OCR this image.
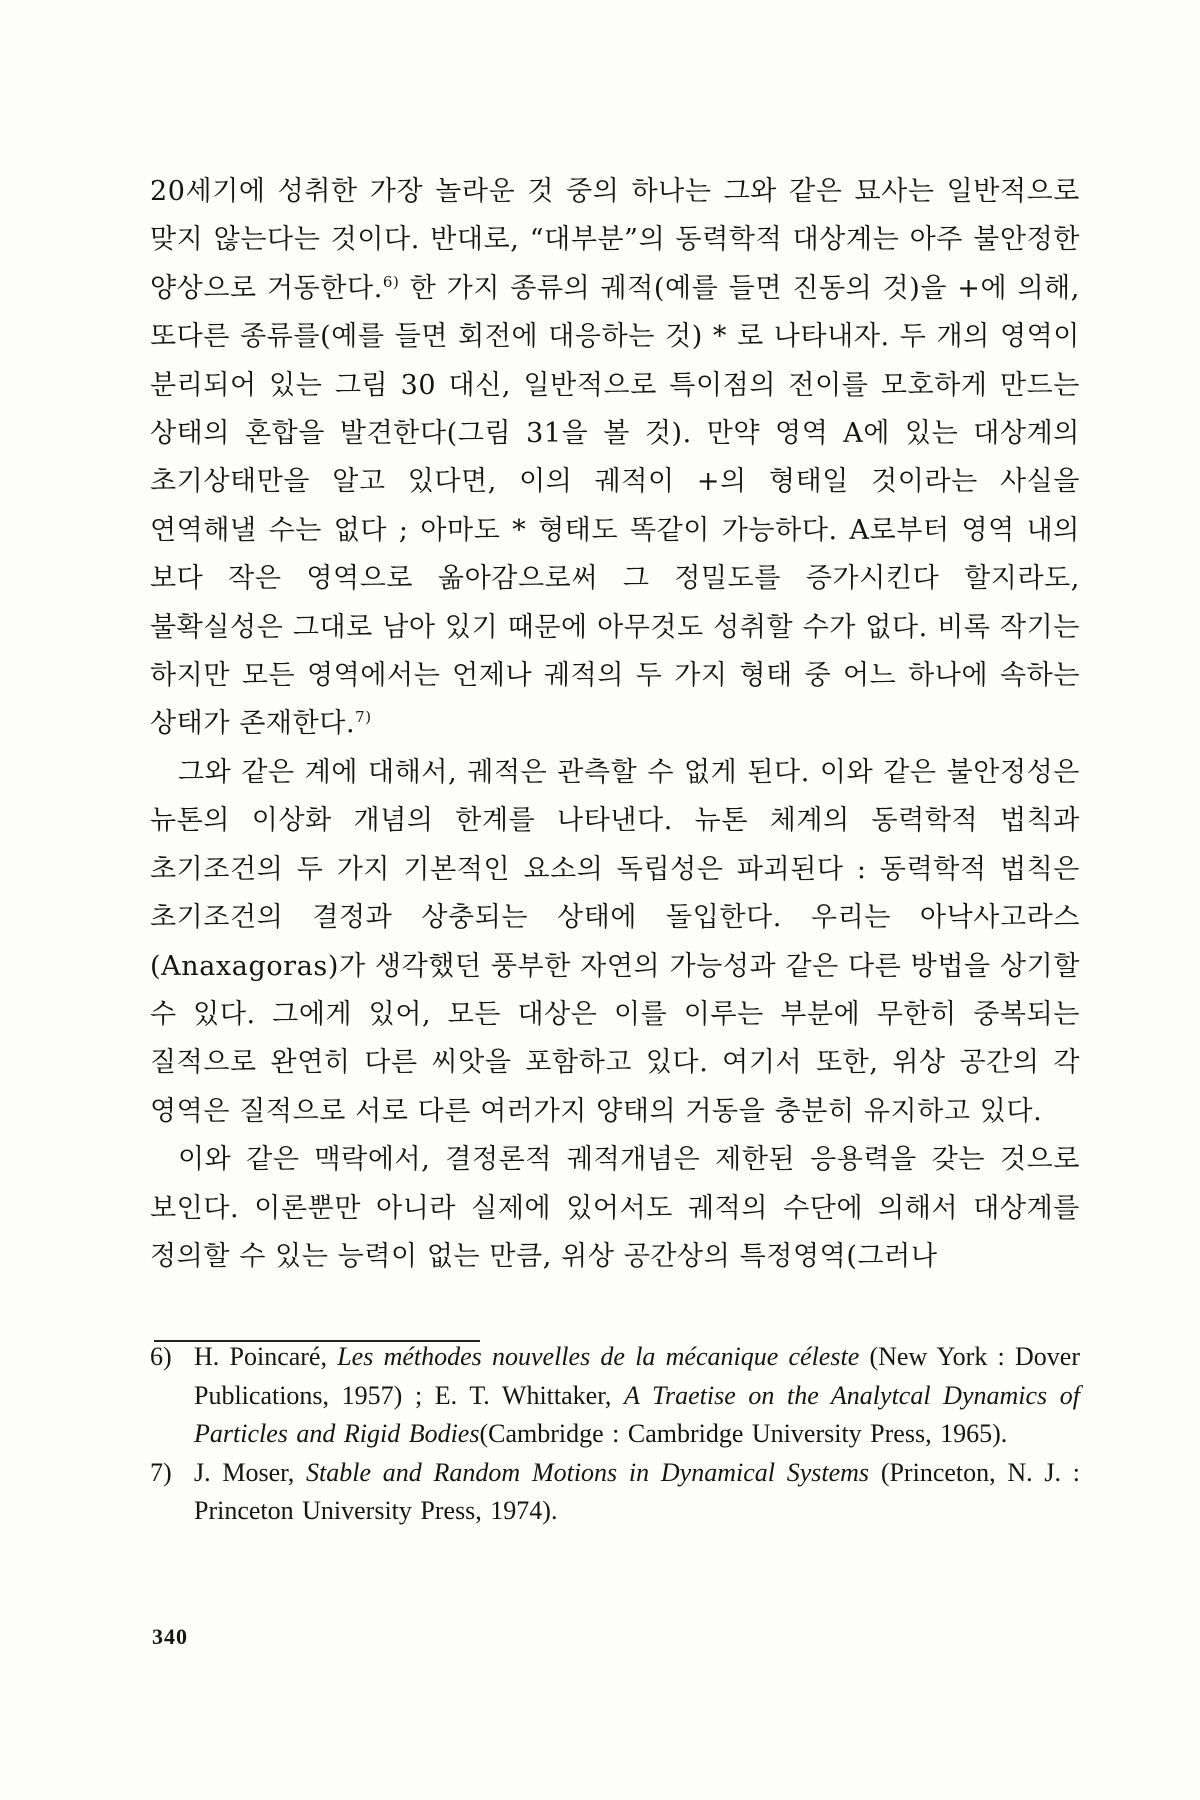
20세기에 성취한 가장 놀라운 것 중의 하나는 그와 같은 묘사는 일반적으로 맞지 않는다는 것이다. 반대로, “대부분”의 동력학적 대상계는 아주 불안정한 양상으로 거동한다.$^{6)}$ 한 가지 종류의 궤적(예를 들면 진동의 것)을 +에 의해, 또다른 종류를(예를 들면 회전에 대응하는 것) * 로 나타내자. 두 개의 영역이 분리되어 있는 그림 30 대신, 일반적으로 특이점의 전이를 모호하게 만드는 상태의 혼합을 발견한다(그림 31을 볼 것). 만약 영역 A에 있는 대상계의 초기상태만을 알고 있다면, 이의 궤적이 +의 형태일 것이라는 사실을 연역해낼 수는 없다 ; 아마도 * 형태도 똑같이 가능하다. A로부터 영역 내의 보다 작은 영역으로 옮아감으로써 그 정밀도를 증가시킨다 할지라도, 불확실성은 그대로 남아 있기 때문에 아무것도 성취할 수가 없다. 비록 작기는 하지만 모든 영역에서는 언제나 궤적의 두 가지 형태 중 어느 하나에 속하는 상태가 존재한다.$^{7)}$

그와 같은 계에 대해서, 궤적은 관측할 수 없게 된다. 이와 같은 불안정성은 뉴톤의 이상화 개념의 한계를 나타낸다. 뉴톤 체계의 동력학적 법칙과 초기조건의 두 가지 기본적인 요소의 독립성은 파괴된다 : 동력학적 법칙은 초기조건의 결정과 상충되는 상태에 돌입한다. 우리는 아낙사고라스(Anaxagoras)가 생각했던 풍부한 자연의 가능성과 같은 다른 방법을 상기할 수 있다. 그에게 있어, 모든 대상은 이를 이루는 부분에 무한히 중복되는 질적으로 완연히 다른 씨앗을 포함하고 있다. 여기서 또한, 위상 공간의 각 영역은 질적으로 서로 다른 여러가지 양태의 거동을 충분히 유지하고 있다.

이와 같은 맥락에서, 결정론적 궤적개념은 제한된 응용력을 갖는 것으로 보인다. 이론뿐만 아니라 실제에 있어서도 궤적의 수단에 의해서 대상계를 정의할 수 있는 능력이 없는 만큼, 위상 공간상의 특정영역(그러나

6) H. Poincaré, Les méthodes nouvelles de la mécanique céleste (New York : Dover Publications, 1957) ; E. T. Whittaker, A Traetise on the Analytcal Dynamics of Particles and Rigid Bodies(Cambridge : Cambridge University Press, 1965).
7) J. Moser, Stable and Random Motions in Dynamical Systems (Princeton, N. J. : Princeton University Press, 1974).
340
